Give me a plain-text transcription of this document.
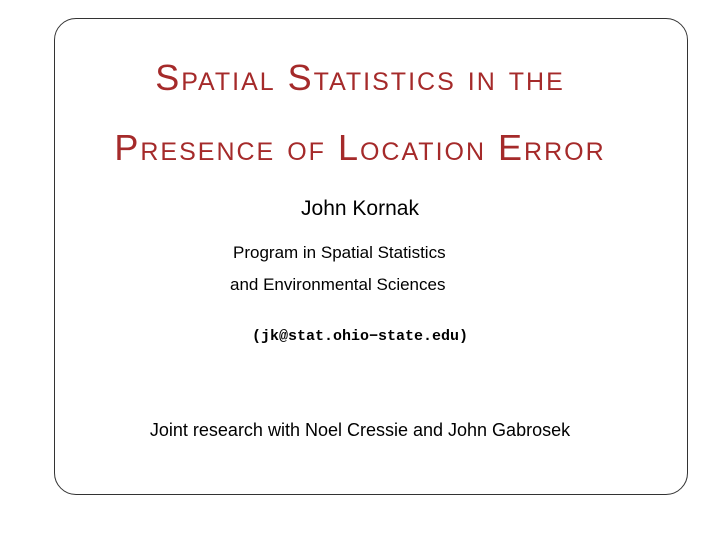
Spatial Statistics in the
Presence of Location Error
John Kornak
Program in Spatial Statistics
and Environmental Sciences
(jk@stat.ohio−state.edu)
Joint research with Noel Cressie and John Gabrosek
